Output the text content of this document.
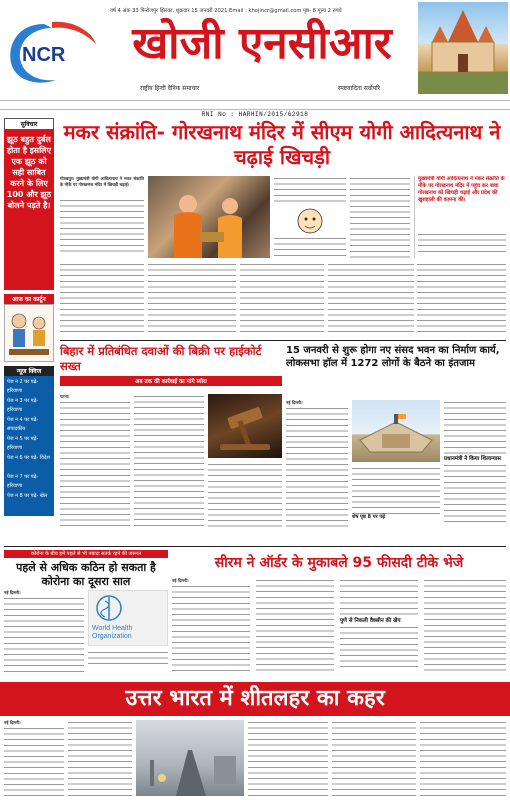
वर्ष 4 अंक 33 फिरोजपुर झिरका, शुक्रवार 15 जनवरी 2021 Email : khojincr@gmail.com पृष्ठ- 8 मूल्य 2 रुपये
NCR	खोजी एनसीआर
राष्ट्रीय हिन्दी दैनिक समाचार	स्पष्टवादिता सर्वोपरि
RNI No : HARHIN/2015/62918
सुविचार
झूठ बहुत दुर्बल होता है इसलिए एक झूठ को सही साबित करने के लिए 100 और झूठ बोलने पड़ते है।
आज का कार्टून
न्यूज क्विज
पेज न 2 पर पढ़े- हरियाणा
पेज न 3 पर पढ़े- हरियाणा
पेज न 4 पर पढ़े- संपादकीय
पेज न 5 पर पढ़े- हरियाणा
पेज न 6 पर पढ़े- विदेश
पेज न 7 पर पढ़े- हरियाणा
पेज न 8 पर पढ़े- खेल
मकर संक्रांति- गोरखनाथ मंदिर में सीएम योगी आदित्यनाथ ने चढ़ाई खिचड़ी
गोरखपुर। मुख्यमंत्री योगी आदित्यनाथ ने मकर संक्रांति के मौके पर गोरखनाथ मंदिर में खिचड़ी चढ़ाई।
मुख्यमंत्री योगी आदित्यनाथ ने मकर संक्रांति के मौके पर गोरखनाथ मंदिर में पहुंच कर बाबा गोरखनाथ को खिचड़ी चढ़ाई और प्रदेश की खुशहाली की कामना की।
बिहार में प्रतिबंधित दवाओं की बिक्री पर हाईकोर्ट सख्त
अब तक की कार्रवाई का मांगे ब्यौरा
पटना।
15 जनवरी से शुरू होगा नए संसद भवन का निर्माण कार्य, लोकसभा हॉल में 1272 लोगों के बैठने का इंतजाम
नई दिल्ली।
शेष पृष्ठ 8 पर पढ़ें
प्रधानमंत्री ने किया शिलान्यास
कोरोना के बीच हमें पहले से भी ज्यादा सतर्क रहने की जरूरत
पहले से अधिक कठिन हो सकता है कोरोना का दूसरा साल
नई दिल्ली।
World Health Organization
सीरम ने ऑर्डर के मुकाबले 95 फीसदी टीके भेजे
नई दिल्ली।
पुणे से निकली वैक्सीन की खेप
उत्तर भारत में शीतलहर का कहर
नई दिल्ली।
